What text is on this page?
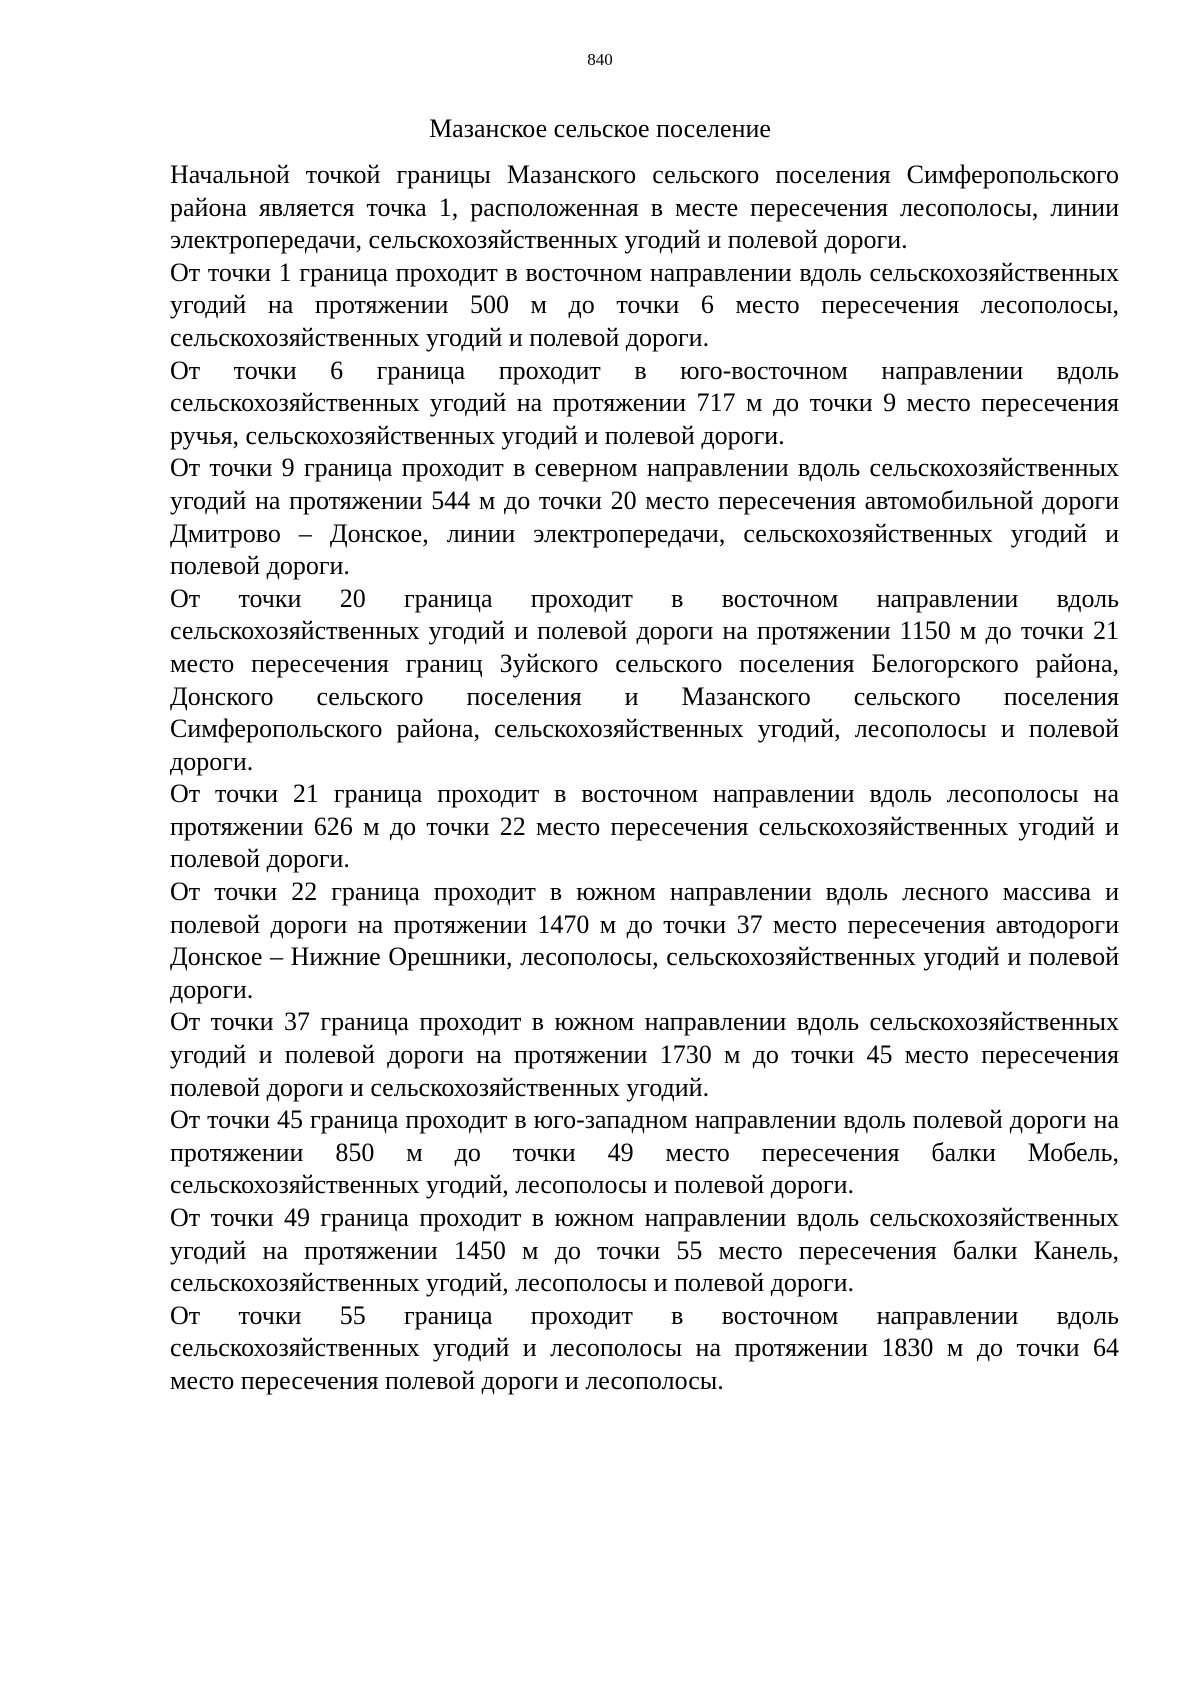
840

Мазанское сельское поселение

Начальной точкой границы Мазанского сельского поселения Симферопольского района является точка 1, расположенная в месте пересечения лесополосы, линии электропередачи, сельскохозяйственных угодий и полевой дороги.

От точки 1 граница проходит в восточном направлении вдоль сельскохозяйственных угодий на протяжении 500 м до точки 6 место пересечения лесополосы, сельскохозяйственных угодий и полевой дороги.

От точки 6 граница проходит в юго-восточном направлении вдоль сельскохозяйственных угодий на протяжении 717 м до точки 9 место пересечения ручья, сельскохозяйственных угодий и полевой дороги.

От точки 9 граница проходит в северном направлении вдоль сельскохозяйственных угодий на протяжении 544 м до точки 20 место пересечения автомобильной дороги Дмитрово – Донское, линии электропередачи, сельскохозяйственных угодий и полевой дороги.

От точки 20 граница проходит в восточном направлении вдоль сельскохозяйственных угодий и полевой дороги на протяжении 1150 м до точки 21 место пересечения границ Зуйского сельского поселения Белогорского района, Донского сельского поселения и Мазанского сельского поселения Симферопольского района, сельскохозяйственных угодий, лесополосы и полевой дороги.

От точки 21 граница проходит в восточном направлении вдоль лесополосы на протяжении 626 м до точки 22 место пересечения сельскохозяйственных угодий и полевой дороги.

От точки 22 граница проходит в южном направлении вдоль лесного массива и полевой дороги на протяжении 1470 м до точки 37 место пересечения автодороги Донское – Нижние Орешники, лесополосы, сельскохозяйственных угодий и полевой дороги.

От точки 37 граница проходит в южном направлении вдоль сельскохозяйственных угодий и полевой дороги на протяжении 1730 м до точки 45 место пересечения полевой дороги и сельскохозяйственных угодий.

От точки 45 граница проходит в юго-западном направлении вдоль полевой дороги на протяжении 850 м до точки 49 место пересечения балки Мобель, сельскохозяйственных угодий, лесополосы и полевой дороги.

От точки 49 граница проходит в южном направлении вдоль сельскохозяйственных угодий на протяжении 1450 м до точки 55 место пересечения балки Канель, сельскохозяйственных угодий, лесополосы и полевой дороги.

От точки 55 граница проходит в восточном направлении вдоль сельскохозяйственных угодий и лесополосы на протяжении 1830 м до точки 64 место пересечения полевой дороги и лесополосы.
